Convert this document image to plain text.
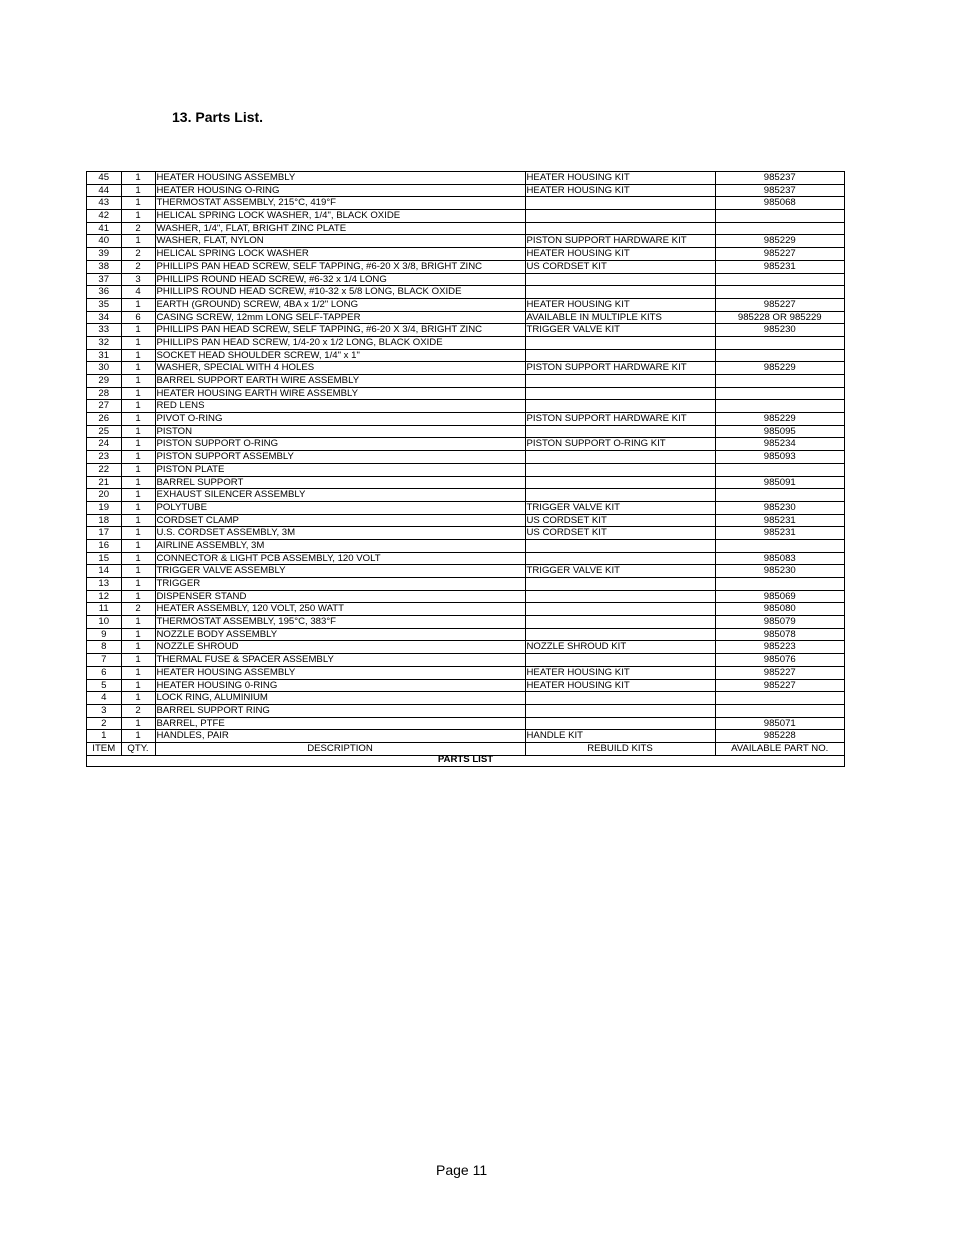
13. Parts List.
45	1	HEATER HOUSING ASSEMBLY	HEATER HOUSING KIT	985237
44	1	HEATER HOUSING O-RING	HEATER HOUSING KIT	985237
43	1	THERMOSTAT ASSEMBLY, 215°C, 419°F		985068
42	1	HELICAL SPRING LOCK WASHER, 1/4", BLACK OXIDE		
41	2	WASHER, 1/4", FLAT, BRIGHT ZINC PLATE		
40	1	WASHER, FLAT, NYLON	PISTON SUPPORT HARDWARE KIT	985229
39	2	HELICAL SPRING LOCK WASHER	HEATER HOUSING KIT	985227
38	2	PHILLIPS PAN HEAD SCREW, SELF TAPPING, #6-20 X 3/8, BRIGHT ZINC	US CORDSET KIT	985231
37	3	PHILLIPS ROUND HEAD SCREW, #6-32 x 1/4 LONG		
36	4	PHILLIPS ROUND HEAD SCREW, #10-32 x 5/8 LONG, BLACK OXIDE		
35	1	EARTH (GROUND) SCREW, 4BA x 1/2" LONG	HEATER HOUSING KIT	985227
34	6	CASING SCREW, 12mm LONG SELF-TAPPER	AVAILABLE IN MULTIPLE KITS	985228 OR 985229
33	1	PHILLIPS PAN HEAD SCREW, SELF TAPPING, #6-20 X 3/4, BRIGHT ZINC	TRIGGER VALVE KIT	985230
32	1	PHILLIPS PAN HEAD SCREW, 1/4-20 x 1/2 LONG, BLACK OXIDE		
31	1	SOCKET HEAD SHOULDER SCREW, 1/4" x 1"		
30	1	WASHER, SPECIAL WITH 4 HOLES	PISTON SUPPORT HARDWARE KIT	985229
29	1	BARREL SUPPORT EARTH WIRE ASSEMBLY		
28	1	HEATER HOUSING EARTH WIRE ASSEMBLY		
27	1	RED LENS		
26	1	PIVOT O-RING	PISTON SUPPORT HARDWARE KIT	985229
25	1	PISTON		985095
24	1	PISTON SUPPORT O-RING	PISTON SUPPORT O-RING KIT	985234
23	1	PISTON SUPPORT ASSEMBLY		985093
22	1	PISTON PLATE		
21	1	BARREL SUPPORT		985091
20	1	EXHAUST SILENCER ASSEMBLY		
19	1	POLYTUBE	TRIGGER VALVE KIT	985230
18	1	CORDSET CLAMP	US CORDSET KIT	985231
17	1	U.S. CORDSET ASSEMBLY, 3M	US CORDSET KIT	985231
16	1	AIRLINE ASSEMBLY, 3M		
15	1	CONNECTOR & LIGHT PCB ASSEMBLY, 120 VOLT		985083
14	1	TRIGGER VALVE ASSEMBLY	TRIGGER VALVE KIT	985230
13	1	TRIGGER		
12	1	DISPENSER STAND		985069
11	2	HEATER ASSEMBLY, 120 VOLT, 250 WATT		985080
10	1	THERMOSTAT ASSEMBLY, 195°C, 383°F		985079
9	1	NOZZLE BODY ASSEMBLY		985078
8	1	NOZZLE SHROUD	NOZZLE SHROUD KIT	985223
7	1	THERMAL FUSE & SPACER ASSEMBLY		985076
6	1	HEATER HOUSING ASSEMBLY	HEATER HOUSING KIT	985227
5	1	HEATER HOUSING 0-RING	HEATER HOUSING KIT	985227
4	1	LOCK RING, ALUMINIUM		
3	2	BARREL SUPPORT RING		
2	1	BARREL, PTFE		985071
1	1	HANDLES, PAIR	HANDLE KIT	985228
ITEM	QTY.	DESCRIPTION	REBUILD KITS	AVAILABLE PART NO.
PARTS LIST
Page 11
